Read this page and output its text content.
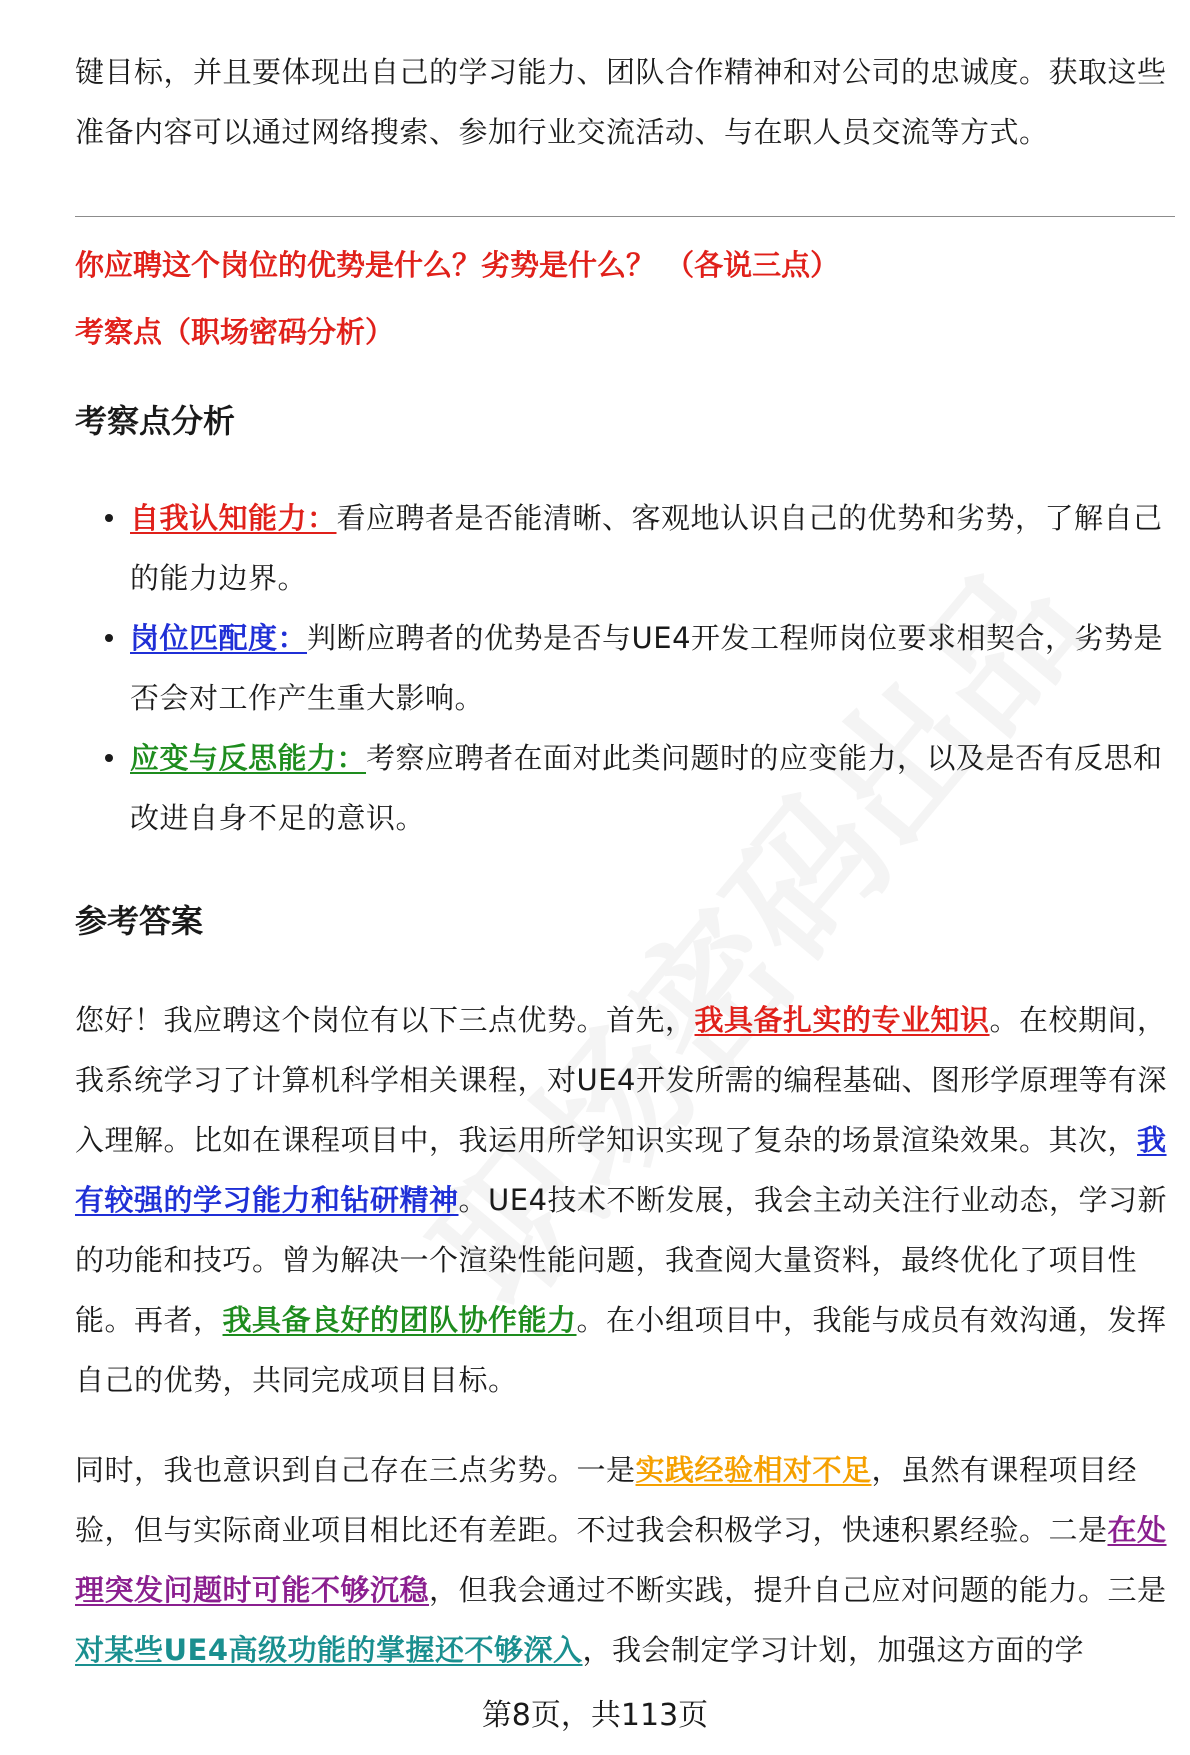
键目标，并且要体现出自己的学习能力、团队合作精神和对公司的忠诚度。获取这些准备内容可以通过网络搜索、参加行业交流活动、与在职人员交流等方式。

你应聘这个岗位的优势是什么？劣势是什么？ （各说三点）

考察点（职场密码分析）

考察点分析

自我认知能力：看应聘者是否能清晰、客观地认识自己的优势和劣势，了解自己的能力边界。
岗位匹配度：判断应聘者的优势是否与UE4开发工程师岗位要求相契合，劣势是否会对工作产生重大影响。
应变与反思能力：考察应聘者在面对此类问题时的应变能力，以及是否有反思和改进自身不足的意识。

参考答案

您好！我应聘这个岗位有以下三点优势。首先，我具备扎实的专业知识。在校期间，我系统学习了计算机科学相关课程，对UE4开发所需的编程基础、图形学原理等有深入理解。比如在课程项目中，我运用所学知识实现了复杂的场景渲染效果。其次，我有较强的学习能力和钻研精神。UE4技术不断发展，我会主动关注行业动态，学习新的功能和技巧。曾为解决一个渲染性能问题，我查阅大量资料，最终优化了项目性能。再者，我具备良好的团队协作能力。在小组项目中，我能与成员有效沟通，发挥自己的优势，共同完成项目目标。

同时，我也意识到自己存在三点劣势。一是实践经验相对不足，虽然有课程项目经验，但与实际商业项目相比还有差距。不过我会积极学习，快速积累经验。二是在处理突发问题时可能不够沉稳，但我会通过不断实践，提升自己应对问题的能力。三是对某些UE4高级功能的掌握还不够深入，我会制定学习计划，加强这方面的学

第8页，共113页
